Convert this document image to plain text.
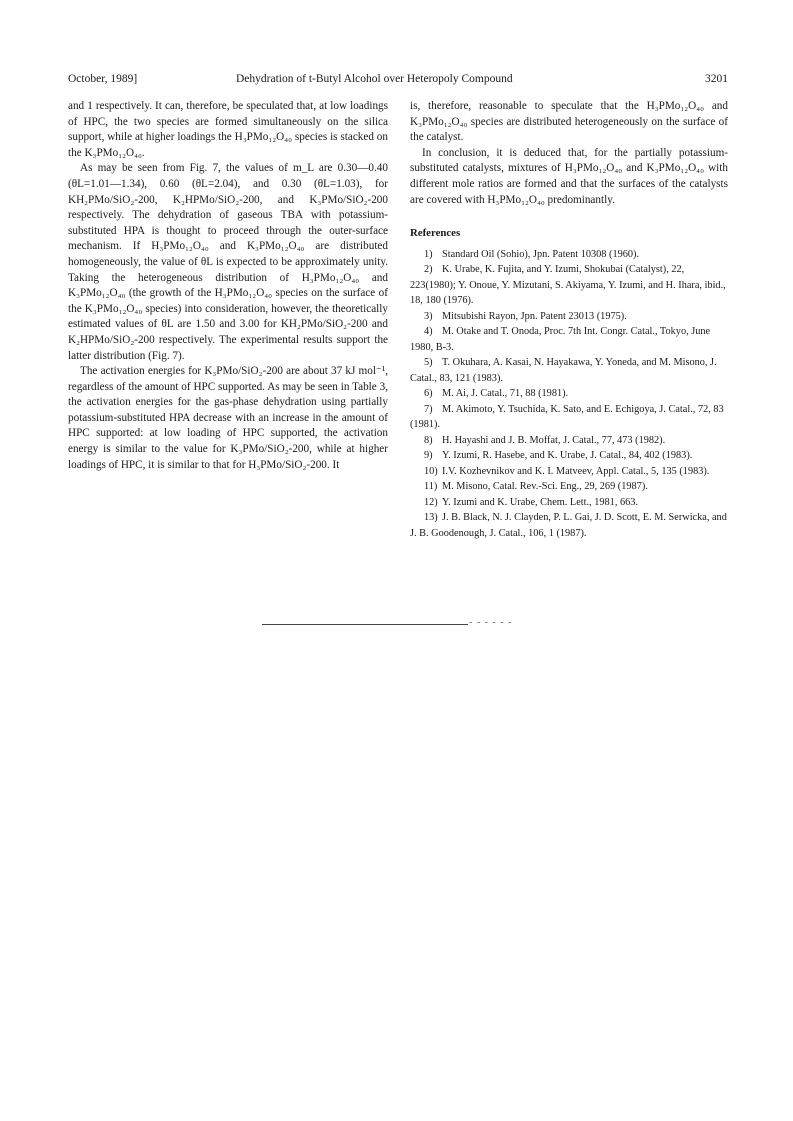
October, 1989]	Dehydration of t-Butyl Alcohol over Heteropoly Compound	3201

and 1 respectively. It can, therefore, be speculated that, at low loadings of HPC, the two species are formed simultaneously on the silica support, while at higher loadings the H₃PMo₁₂O₄₀ species is stacked on the K₃PMo₁₂O₄₀.

As may be seen from Fig. 7, the values of m_L are 0.30—0.40 (θL=1.01—1.34), 0.60 (θL=2.04), and 0.30 (θL=1.03), for KH₂PMo/SiO₂-200, K₂HPMo/SiO₂-200, and K₃PMo/SiO₂-200 respectively. The dehydration of gaseous TBA with potassium-substituted HPA is thought to proceed through the outer-surface mechanism. If H₃PMo₁₂O₄₀ and K₃PMo₁₂O₄₀ are distributed homogeneously, the value of θL is expected to be approximately unity. Taking the heterogeneous distribution of H₃PMo₁₂O₄₀ and K₃PMo₁₂O₄₀ (the growth of the H₃PMo₁₂O₄₀ species on the surface of the K₃PMo₁₂O₄₀ species) into consideration, however, the theoretically estimated values of θL are 1.50 and 3.00 for KH₂PMo/SiO₂-200 and K₂HPMo/SiO₂-200 respectively. The experimental results support the latter distribution (Fig. 7).

The activation energies for K₃PMo/SiO₂-200 are about 37 kJ mol⁻¹, regardless of the amount of HPC supported. As may be seen in Table 3, the activation energies for the gas-phase dehydration using partially potassium-substituted HPA decrease with an increase in the amount of HPC supported: at low loading of HPC supported, the activation energy is similar to the value for K₃PMo/SiO₂-200, while at higher loadings of HPC, it is similar to that for H₃PMo/SiO₂-200. It

is, therefore, reasonable to speculate that the H₃PMo₁₂O₄₀ and K₃PMo₁₂O₄₀ species are distributed heterogeneously on the surface of the catalyst.

In conclusion, it is deduced that, for the partially potassium-substituted catalysts, mixtures of H₃PMo₁₂O₄₀ and K₃PMo₁₂O₄₀ with different mole ratios are formed and that the surfaces of the catalysts are covered with H₃PMo₁₂O₄₀ predominantly.

References

1) Standard Oil (Sohio), Jpn. Patent 10308 (1960).

2) K. Urabe, K. Fujita, and Y. Izumi, Shokubai (Catalyst), 22, 223(1980); Y. Onoue, Y. Mizutani, S. Akiyama, Y. Izumi, and H. Ihara, ibid., 18, 180 (1976).

3) Mitsubishi Rayon, Jpn. Patent 23013 (1975).

4) M. Otake and T. Onoda, Proc. 7th Int. Congr. Catal., Tokyo, June 1980, B-3.

5) T. Okuhara, A. Kasai, N. Hayakawa, Y. Yoneda, and M. Misono, J. Catal., 83, 121 (1983).

6) M. Ai, J. Catal., 71, 88 (1981).

7) M. Akimoto, Y. Tsuchida, K. Sato, and E. Echigoya, J. Catal., 72, 83 (1981).

8) H. Hayashi and J. B. Moffat, J. Catal., 77, 473 (1982).

9) Y. Izumi, R. Hasebe, and K. Urabe, J. Catal., 84, 402 (1983).

10) I.V. Kozhevnikov and K. I. Matveev, Appl. Catal., 5, 135 (1983).

11) M. Misono, Catal. Rev.-Sci. Eng., 29, 269 (1987).

12) Y. Izumi and K. Urabe, Chem. Lett., 1981, 663.

13) J. B. Black, N. J. Clayden, P. L. Gai, J. D. Scott, E. M. Serwicka, and J. B. Goodenough, J. Catal., 106, 1 (1987).

- - - - - -
